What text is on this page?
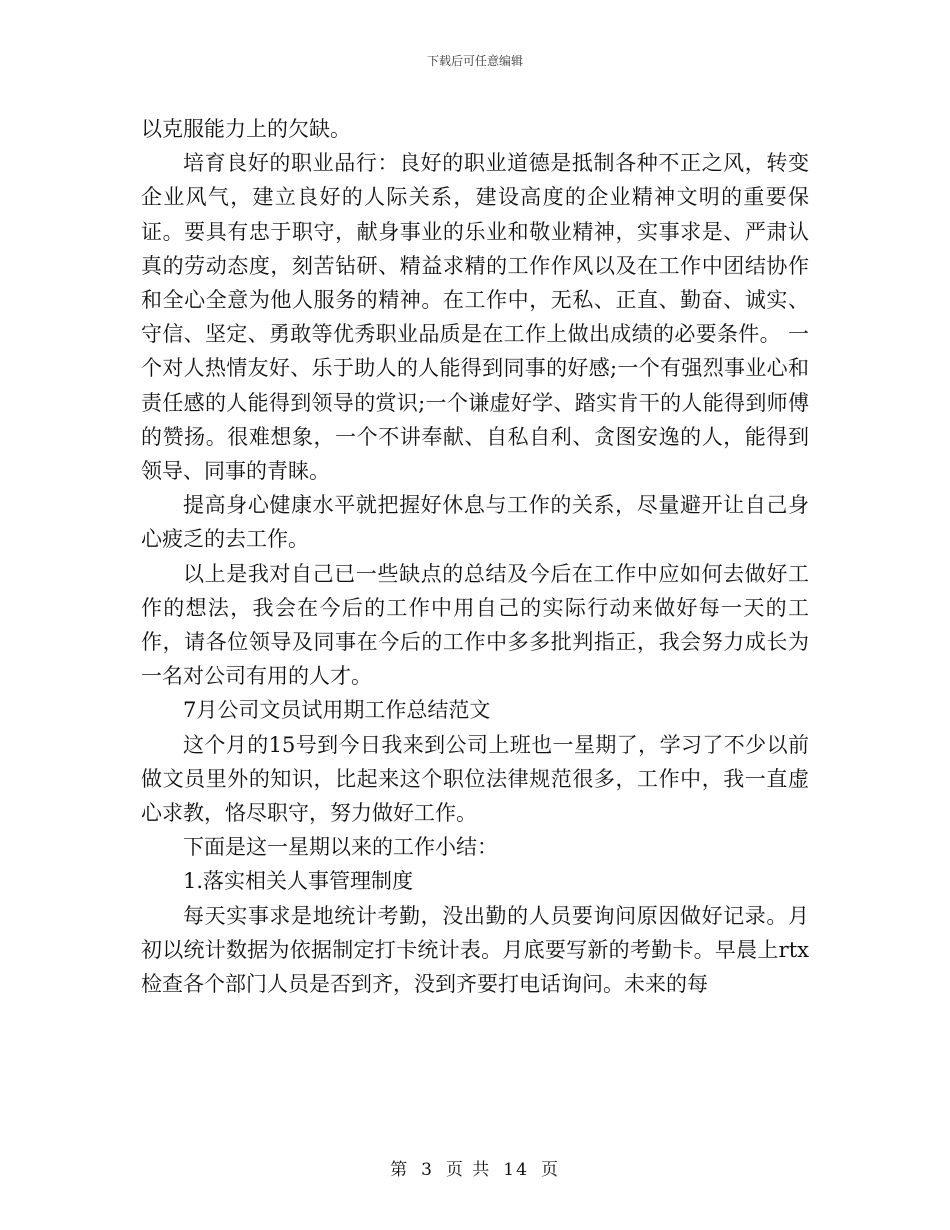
下载后可任意编辑

以克服能力上的欠缺。

培育良好的职业品行：良好的职业道德是抵制各种不正之风，转变企业风气，建立良好的人际关系，建设高度的企业精神文明的重要保证。要具有忠于职守，献身事业的乐业和敬业精神，实事求是、严肃认真的劳动态度，刻苦钻研、精益求精的工作作风以及在工作中团结协作和全心全意为他人服务的精神。在工作中，无私、正直、勤奋、诚实、守信、坚定、勇敢等优秀职业品质是在工作上做出成绩的必要条件。 一个对人热情友好、乐于助人的人能得到同事的好感;一个有强烈事业心和责任感的人能得到领导的赏识;一个谦虚好学、踏实肯干的人能得到师傅的赞扬。很难想象，一个不讲奉献、自私自利、贪图安逸的人，能得到领导、同事的青睐。

提高身心健康水平就把握好休息与工作的关系，尽量避开让自己身心疲乏的去工作。

以上是我对自己已一些缺点的总结及今后在工作中应如何去做好工作的想法，我会在今后的工作中用自己的实际行动来做好每一天的工作，请各位领导及同事在今后的工作中多多批判指正，我会努力成长为一名对公司有用的人才。

7月公司文员试用期工作总结范文

这个月的15号到今日我来到公司上班也一星期了，学习了不少以前做文员里外的知识，比起来这个职位法律规范很多，工作中，我一直虚心求教，恪尽职守，努力做好工作。

下面是这一星期以来的工作小结：

1.落实相关人事管理制度

每天实事求是地统计考勤，没出勤的人员要询问原因做好记录。月初以统计数据为依据制定打卡统计表。月底要写新的考勤卡。早晨上rtx检查各个部门人员是否到齐，没到齐要打电话询问。未来的每

第 3 页 共 14 页
